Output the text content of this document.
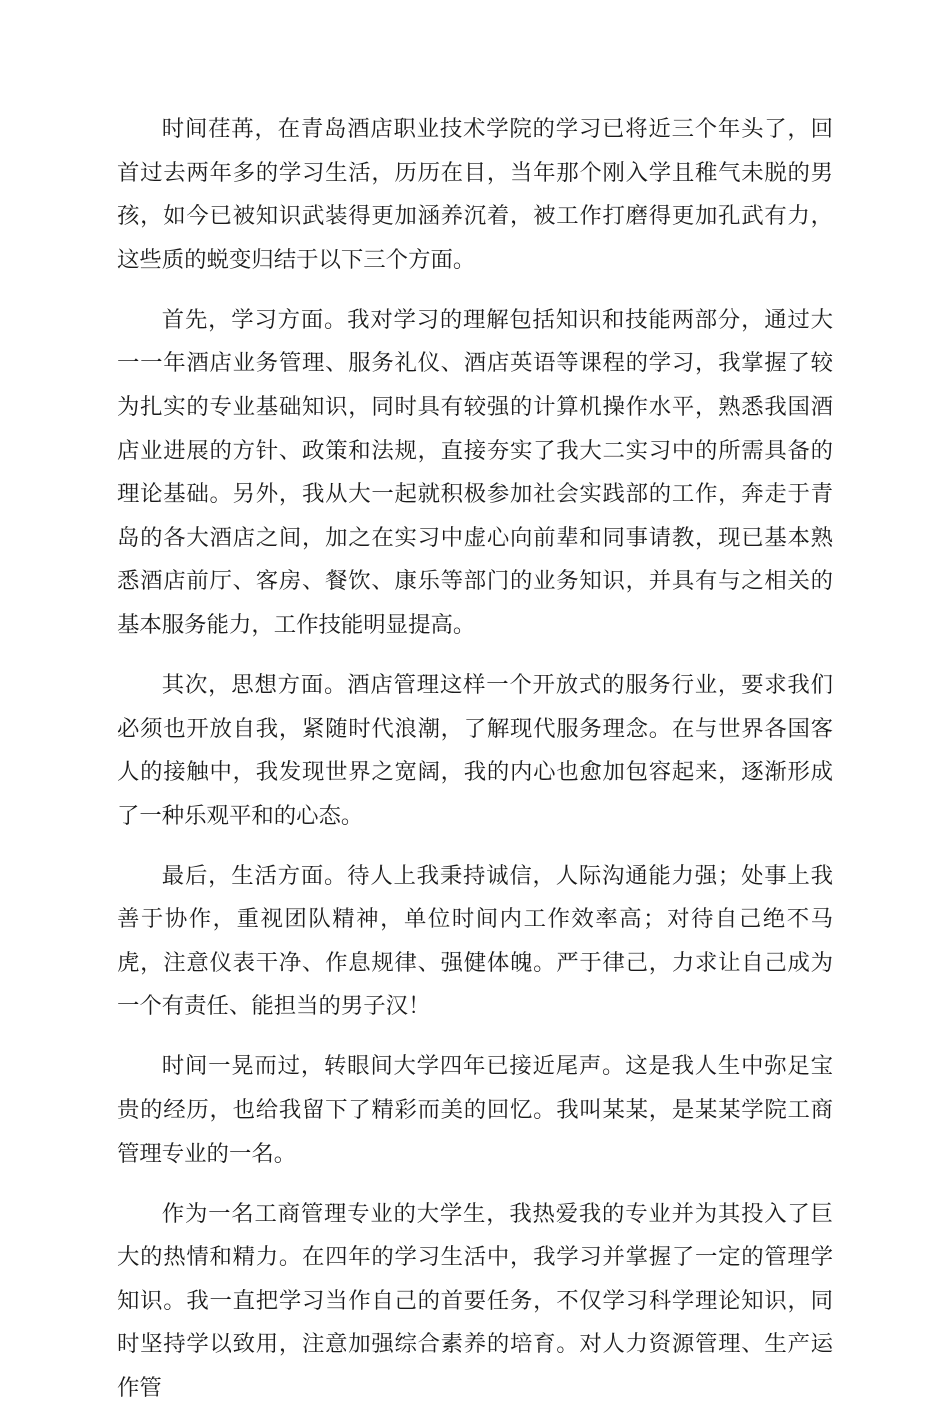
时间荏苒，在青岛酒店职业技术学院的学习已将近三个年头了，回首过去两年多的学习生活，历历在目，当年那个刚入学且稚气未脱的男孩，如今已被知识武装得更加涵养沉着，被工作打磨得更加孔武有力，这些质的蜕变归结于以下三个方面。

首先，学习方面。我对学习的理解包括知识和技能两部分，通过大一一年酒店业务管理、服务礼仪、酒店英语等课程的学习，我掌握了较为扎实的专业基础知识，同时具有较强的计算机操作水平，熟悉我国酒店业进展的方针、政策和法规，直接夯实了我大二实习中的所需具备的理论基础。另外，我从大一起就积极参加社会实践部的工作，奔走于青岛的各大酒店之间，加之在实习中虚心向前辈和同事请教，现已基本熟悉酒店前厅、客房、餐饮、康乐等部门的业务知识，并具有与之相关的基本服务能力，工作技能明显提高。

其次，思想方面。酒店管理这样一个开放式的服务行业，要求我们必须也开放自我，紧随时代浪潮，了解现代服务理念。在与世界各国客人的接触中，我发现世界之宽阔，我的内心也愈加包容起来，逐渐形成了一种乐观平和的心态。

最后，生活方面。待人上我秉持诚信，人际沟通能力强；处事上我善于协作，重视团队精神，单位时间内工作效率高；对待自己绝不马虎，注意仪表干净、作息规律、强健体魄。严于律己，力求让自己成为一个有责任、能担当的男子汉！

时间一晃而过，转眼间大学四年已接近尾声。这是我人生中弥足宝贵的经历，也给我留下了精彩而美的回忆。我叫某某，是某某学院工商管理专业的一名。

作为一名工商管理专业的大学生，我热爱我的专业并为其投入了巨大的热情和精力。在四年的学习生活中，我学习并掌握了一定的管理学知识。我一直把学习当作自己的首要任务，不仅学习科学理论知识，同时坚持学以致用，注意加强综合素养的培育。对人力资源管理、生产运作管
